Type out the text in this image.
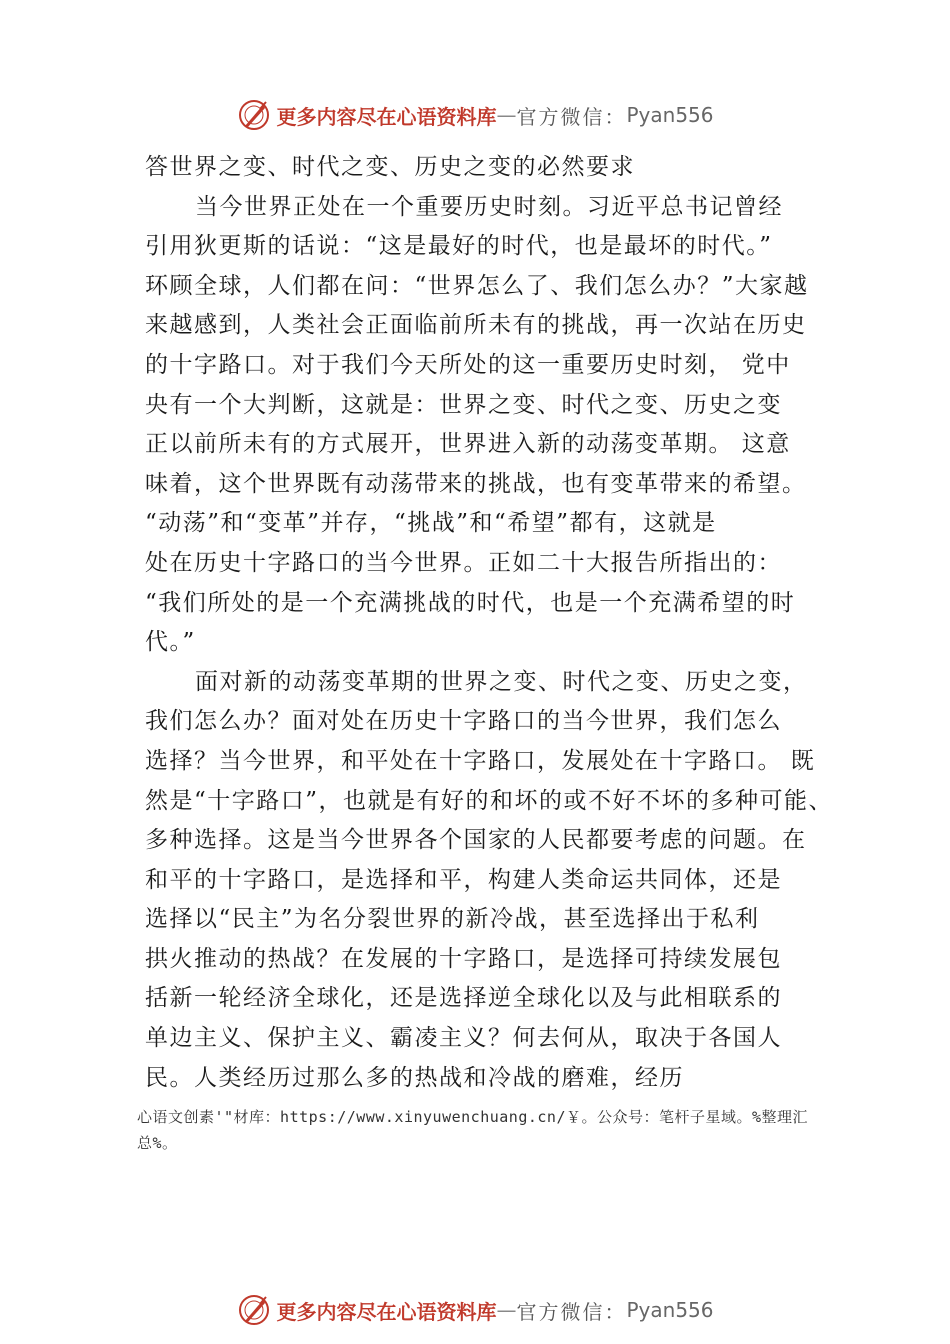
更多内容尽在心语资料库 — 官方微信： Pyan556
答世界之变、时代之变、历史之变的必然要求
当今世界正处在一个重要历史时刻。习近平总书记曾经
引用狄更斯的话说：“这是最好的时代，也是最坏的时代。”
环顾全球，人们都在问：“世界怎么了、我们怎么办？”大家越
来越感到，人类社会正面临前所未有的挑战，再一次站在历史
的十字路口。对于我们今天所处的这一重要历史时刻， 党中
央有一个大判断，这就是：世界之变、时代之变、历史之变
正以前所未有的方式展开，世界进入新的动荡变革期。 这意
味着，这个世界既有动荡带来的挑战，也有变革带来的希望。
“动荡”和“变革”并存，“挑战”和“希望”都有，这就是
处在历史十字路口的当今世界。正如二十大报告所指出的：
“我们所处的是一个充满挑战的时代，也是一个充满希望的时
代。”
面对新的动荡变革期的世界之变、时代之变、历史之变，
我们怎么办？面对处在历史十字路口的当今世界，我们怎么
选择？当今世界，和平处在十字路口，发展处在十字路口。 既
然是“十字路口”，也就是有好的和坏的或不好不坏的多种可能、
多种选择。这是当今世界各个国家的人民都要考虑的问题。在
和平的十字路口，是选择和平，构建人类命运共同体，还是
选择以“民主”为名分裂世界的新冷战，甚至选择出于私利
拱火推动的热战？在发展的十字路口，是选择可持续发展包
括新一轮经济全球化，还是选择逆全球化以及与此相联系的
单边主义、保护主义、霸凌主义？何去何从，取决于各国人
民。人类经历过那么多的热战和冷战的磨难，经历
心语文创素'"材库：https://www.xinyuwenchuang.cn/￥。公众号：笔杆子星域。%整理汇
总%。
更多内容尽在心语资料库 — 官方微信： Pyan556
